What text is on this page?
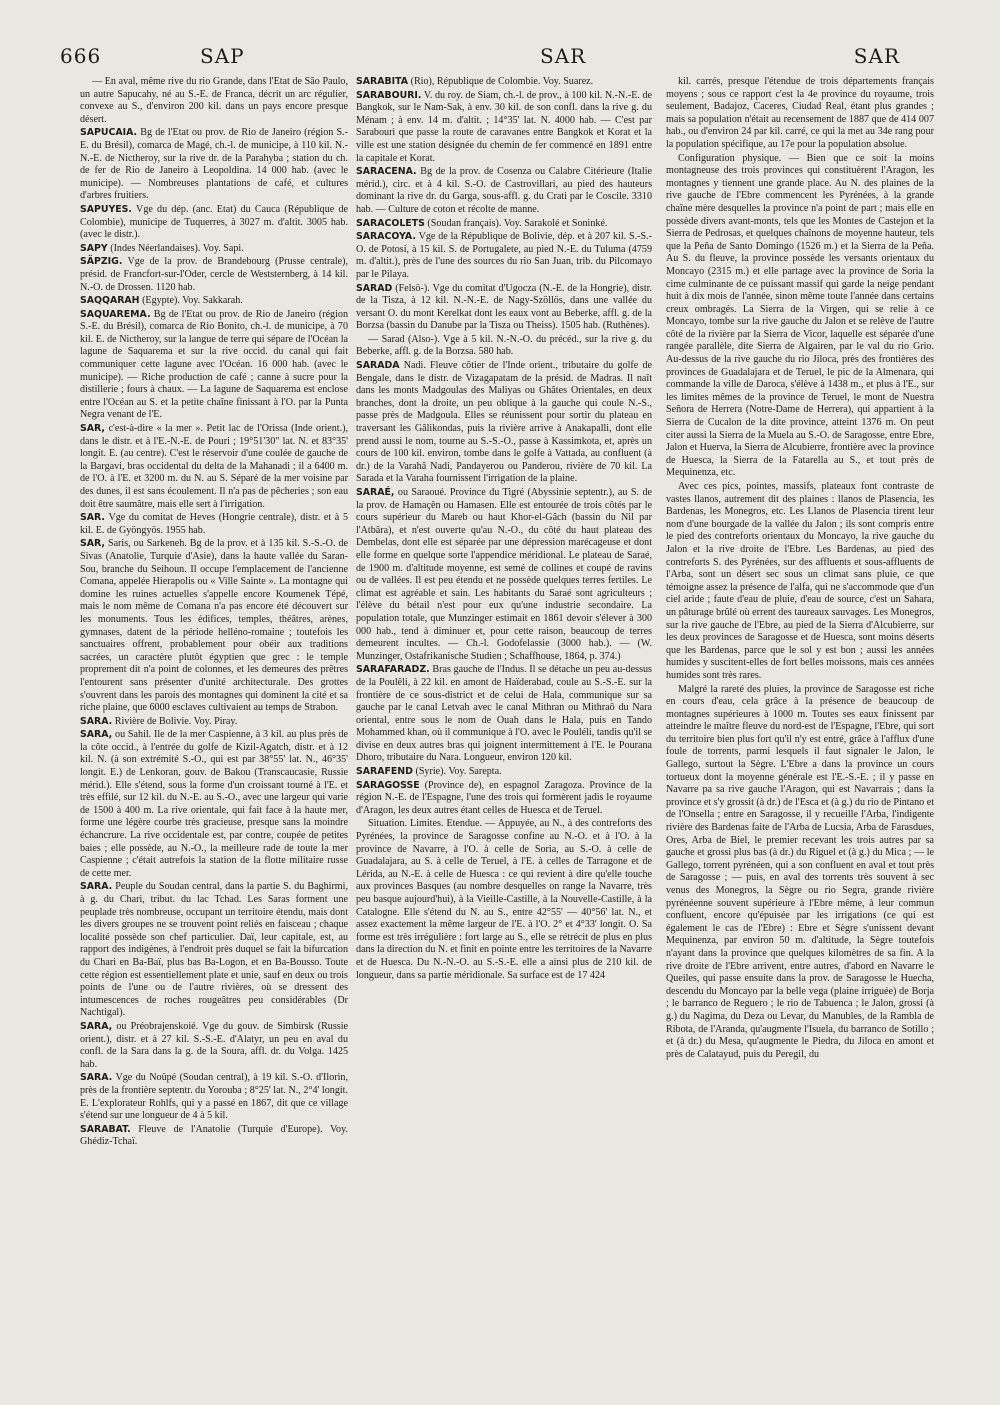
666	SAP	SAR	SAR

— En aval, même rive du rio Grande, dans l'Etat de São Paulo, un autre Sapucahy, né au S.-E. de Franca, décrit un arc régulier, convexe au S., d'environ 200 kil. dans un pays encore presque désert.

SAPUCAIA. Bg de l'Etat ou prov. de Rio de Janeiro (région S.-E. du Brésil), comarca de Magé, ch.-l. de municipe, à 110 kil. N.-N.-E. de Nictheroy, sur la rive dr. de la Parahyba ; station du ch. de fer de Rio de Janeiro à Leopoldina. 14 000 hab. (avec le municipe). — Nombreuses plantations de café, et cultures d'arbres fruitiers.

SAPUYES. Vge du dép. (anc. Etat) du Cauca (République de Colombie), municipe de Tuquerres, à 3027 m. d'altit. 3005 hab. (avec le distr.).

SAPY (Indes Néerlandaises). Voy. Sapi.

SÄPZIG. Vge de la prov. de Brandebourg (Prusse centrale), présid. de Francfort-sur-l'Oder, cercle de Weststernberg, à 14 kil. N.-O. de Drossen. 1120 hab.

SAQQARAH (Egypte). Voy. Sakkarah.

SAQUAREMA. Bg de l'Etat ou prov. de Rio de Janeiro (région S.-E. du Brésil), comarca de Rio Bonito, ch.-l. de municipe, à 70 kil. E. de Nictheroy, sur la langue de terre qui sépare de l'Océan la lagune de Saquarema et sur la rive occid. du canal qui fait communiquer cette lagune avec l'Océan. 16 000 hab. (avec le municipe). — Riche production de café ; canne à sucre pour la distillerie ; fours à chaux. — La lagune de Saquarema est enclose entre l'Océan au S. et la petite chaîne finissant à l'O. par la Punta Negra venant de l'E.

SAR, c'est-à-dire « la mer ». Petit lac de l'Orissa (Inde orient.), dans le distr. et à l'E.-N.-E. de Pouri ; 19°51'30" lat. N. et 83°35' longit. E. (au centre). C'est le réservoir d'une coulée de gauche de la Bargavi, bras occidental du delta de la Mahanadi ; il a 6400 m. de l'O. à l'E. et 3200 m. du N. au S. Séparé de la mer voisine par des dunes, il est sans écoulement. Il n'a pas de pêcheries ; son eau doit être saumâtre, mais elle sert à l'irrigation.

SAR. Vge du comitat de Heves (Hongrie centrale), distr. et à 5 kil. E. de Gyöngyös. 1955 hab.

SAR, Saris, ou Sarkeneh. Bg de la prov. et à 135 kil. S.-S.-O. de Sivas (Anatolie, Turquie d'Asie), dans la haute vallée du Saran-Sou, branche du Seihoun. Il occupe l'emplacement de l'ancienne Comana, appelée Hierapolis ou « Ville Sainte ». La montagne qui domine les ruines actuelles s'appelle encore Koumenek Tépé, mais le nom même de Comana n'a pas encore été découvert sur les monuments. Tous les édifices, temples, théâtres, arènes, gymnases, datent de la période helléno-romaine ; toutefois les sanctuaires offrent, probablement pour obéir aux traditions sacrées, un caractère plutôt égyptien que grec : le temple proprement dit n'a point de colonnes, et les demeures des prêtres l'entourent sans présenter d'unité architecturale. Des grottes s'ouvrent dans les parois des montagnes qui dominent la cité et sa riche plaine, que 6000 esclaves cultivaient au temps de Strabon.

SARA. Rivière de Bolivie. Voy. Piray.

SARA, ou Sahil. Ile de la mer Caspienne, à 3 kil. au plus près de la côte occid., à l'entrée du golfe de Kizil-Agatch, distr. et à 12 kil. N. (à son extrémité S.-O., qui est par 38°55' lat. N., 46°35' longit. E.) de Lenkoran, gouv. de Bakou (Transcaucasie, Russie mérid.). Elle s'étend, sous la forme d'un croissant tourné à l'E. et très effilé, sur 12 kil. du N.-E. au S.-O., avec une largeur qui varie de 1500 à 400 m. La rive orientale, qui fait face à la haute mer, forme une légère courbe très gracieuse, presque sans la moindre échancrure. La rive occidentale est, par contre, coupée de petites baies ; elle possède, au N.-O., la meilleure rade de toute la mer Caspienne ; c'était autrefois la station de la flotte militaire russe de cette mer.

SARA. Peuple du Soudan central, dans la partie S. du Baghirmi, à g. du Chari, tribut. du lac Tchad. Les Saras forment une peuplade très nombreuse, occupant un territoire étendu, mais dont les divers groupes ne se trouvent point reliés en faisceau ; chaque localité possède son chef particulier. Daï, leur capitale, est, au rapport des indigènes, à l'endroit près duquel se fait la bifurcation du Chari en Ba-Baï, plus bas Ba-Logon, et en Ba-Bousso. Toute cette région est essentiellement plate et unie, sauf en deux ou trois points de l'une ou de l'autre rivières, où se dressent des intumescences de roches rougeâtres peu considérables (Dr Nachtigal).

SARA, ou Préobrajenskoié. Vge du gouv. de Simbirsk (Russie orient.), distr. et à 27 kil. S.-S.-E. d'Alatyr, un peu en aval du confl. de la Sara dans la g. de la Soura, affl. dr. du Volga. 1425 hab.

SARA. Vge du Noûpé (Soudan central), à 19 kil. S.-O. d'Ilorin, près de la frontière septentr. du Yorouba ; 8°25' lat. N., 2°4' longit. E. L'explorateur Rohlfs, qui y a passé en 1867, dit que ce village s'étend sur une longueur de 4 à 5 kil.

SARABAT. Fleuve de l'Anatolie (Turquie d'Europe). Voy. Ghédiz-Tchaï.

SARABITA (Rio), République de Colombie. Voy. Suarez.

SARABOURI. V. du roy. de Siam, ch.-l. de prov., à 100 kil. N.-N.-E. de Bangkok, sur le Nam-Sak, à env. 30 kil. de son confl. dans la rive g. du Ménam ; à env. 14 m. d'altit. ; 14°35' lat. N. 4000 hab. — C'est par Sarabouri que passe la route de caravanes entre Bangkok et Korat et la ville est une station désignée du chemin de fer commencé en 1891 entre la capitale et Korat.

SARACENA. Bg de la prov. de Cosenza ou Calabre Citérieure (Italie mérid.), circ. et à 4 kil. S.-O. de Castrovillari, au pied des hauteurs dominant la rive dr. du Garga, sous-affl. g. du Crati par le Coscile. 3310 hab. — Culture de coton et récolte de manne.

SARACOLETS (Soudan français). Voy. Sarakolé et Soninké.

SARACOYA. Vge de la République de Bolivie, dép. et à 207 kil. S.-S.-O. de Potosi, à 15 kil. S. de Portugalete, au pied N.-E. du Tuluma (4759 m. d'altit.), près de l'une des sources du rio San Juan, trib. du Pilcomayo par le Pilaya.

SARAD (Felsö-). Vge du comitat d'Ugocza (N.-E. de la Hongrie), distr. de la Tisza, à 12 kil. N.-N.-E. de Nagy-Szöllös, dans une vallée du versant O. du mont Kerelkat dont les eaux vont au Beberke, affl. g. de la Borzsa (bassin du Danube par la Tisza ou Theiss). 1505 hab. (Ruthènes).

— Sarad (Also-). Vge à 5 kil. N.-N.-O. du précéd., sur la rive g. du Beberke, affl. g. de la Borzsa. 580 hab.

SARADA Nadi. Fleuve côtier de l'Inde orient., tributaire du golfe de Bengale, dans le distr. de Vizagapatam de la présid. de Madras. Il naît dans les monts Madgoulas des Maliyas ou Ghâtes Orientales, en deux branches, dont la droite, un peu oblique à la gauche qui coule N.-S., passe près de Madgoula. Elles se réunissent pour sortir du plateau en traversant les Gâlikondas, puis la rivière arrive à Anakapalli, dont elle prend aussi le nom, tourne au S.-S.-O., passe à Kassimkota, et, après un cours de 100 kil. environ, tombe dans le golfe à Vattada, au confluent (à dr.) de la Varahâ Nadi, Pandayerou ou Panderou, rivière de 70 kil. La Sarada et la Varaha fournissent l'irrigation de la plaine.

SARAÉ, ou Saraoué. Province du Tigré (Abyssinie septentr.), au S. de la prov. de Hamaçên ou Hamasen. Elle est entourée de trois côtés par le cours supérieur du Mareb ou haut Khor-el-Gâch (bassin du Nil par l'Atbâra), et n'est ouverte qu'au N.-O., du côté du haut plateau des Dembelas, dont elle est séparée par une dépression marécageuse et dont elle forme en quelque sorte l'appendice méridional. Le plateau de Saraé, de 1900 m. d'altitude moyenne, est semé de collines et coupé de ravins ou de vallées. Il est peu étendu et ne possède quelques terres fertiles. Le climat est agréable et sain. Les habitants du Saraé sont agriculteurs ; l'élève du bétail n'est pour eux qu'une industrie secondaire. La population totale, que Munzinger estimait en 1861 devoir s'élever à 300 000 hab., tend à diminuer et, pour cette raison, beaucoup de terres demeurent incultes. — Ch.-l. Godofelassie (3000 hab.). — (W. Munzinger, Ostafrikanische Studien ; Schaffhouse, 1864, p. 374.)

SARAFARADZ. Bras gauche de l'Indus. Il se détache un peu au-dessus de la Poulêli, à 22 kil. en amont de Haïderabad, coule au S.-S.-E. sur la frontière de ce sous-district et de celui de Hala, communique sur sa gauche par le canal Letvah avec le canal Mithran ou Mithraô du Nara oriental, entre sous le nom de Ouah dans le Hala, puis en Tando Mohammed khan, où il communique à l'O. avec le Pouléli, tandis qu'il se divise en deux autres bras qui joignent intermittement à l'E. le Pourana Dhoro, tributaire du Nara. Longueur, environ 120 kil.

SARAFEND (Syrie). Voy. Sarepta.

SARAGOSSE (Province de), en espagnol Zaragoza. Province de la région N.-E. de l'Espagne, l'une des trois qui formèrent jadis le royaume d'Aragon, les deux autres étant celles de Huesca et de Teruel.

Situation. Limites. Etendue. — Appuyée, au N., à des contreforts des Pyrénées, la province de Saragosse confine au N.-O. et à l'O. à la province de Navarre, à l'O. à celle de Soria, au S.-O. à celle de Guadalajara, au S. à celle de Teruel, à l'E. à celles de Tarragone et de Lérida, au N.-E. à celle de Huesca : ce qui revient à dire qu'elle touche aux provinces Basques (au nombre desquelles on range la Navarre, très peu basque aujourd'hui), à la Vieille-Castille, à la Nouvelle-Castille, à la Catalogne. Elle s'étend du N. au S., entre 42°55' — 40°56' lat. N., et assez exactement la même largeur de l'E. à l'O. 2° et 4°33' longit. O. Sa forme est très irrégulière : fort large au S., elle se rétrécit de plus en plus dans la direction du N. et finit en pointe entre les territoires de la Navarre et de Huesca. Du N.-N.-O. au S.-S.-E. elle a ainsi plus de 210 kil. de longueur, dans sa partie méridionale. Sa surface est de 17 424

kil. carrés, presque l'étendue de trois départements français moyens ; sous ce rapport c'est la 4e province du royaume, trois seulement, Badajoz, Caceres, Ciudad Real, étant plus grandes ; mais sa population n'était au recensement de 1887 que de 414 007 hab., ou d'environ 24 par kil. carré, ce qui la met au 34e rang pour la population spécifique, au 17e pour la population absolue.

Configuration physique. — Bien que ce soit la moins montagneuse des trois provinces qui constituèrent l'Aragon, les montagnes y tiennent une grande place. Au N. des plaines de la rive gauche de l'Ebre commencent les Pyrénées, à la grande chaîne mère desquelles la province n'a point de part ; mais elle en possède divers avant-monts, tels que les Montes de Castejon et la Sierra de Pedrosas, et quelques chaînons de moyenne hauteur, tels que la Peña de Santo Domingo (1526 m.) et la Sierra de la Peña. Au S. du fleuve, la province possède les versants orientaux du Moncayo (2315 m.) et elle partage avec la province de Soria la cime culminante de ce puissant massif qui garde la neige pendant huit à dix mois de l'année, sinon même toute l'année dans certains creux ombragés. La Sierra de la Virgen, qui se relie à ce Moncayo, tombe sur la rive gauche du Jalon et se relève de l'autre côté de la rivière par la Sierra de Vicor, laquelle est séparée d'une rangée parallèle, dite Sierra de Algairen, par le val du rio Grio. Au-dessus de la rive gauche du rio Jiloca, près des frontières des provinces de Guadalajara et de Teruel, le pic de la Almenara, qui commande la ville de Daroca, s'élève à 1438 m., et plus à l'E., sur les limites mêmes de la province de Teruel, le mont de Nuestra Señora de Herrera (Notre-Dame de Herrera), qui appartient à la Sierra de Cucalon de la dite province, atteint 1376 m. On peut citer aussi la Sierra de la Muela au S.-O. de Saragosse, entre Ebre, Jalon et Huerva, la Sierra de Alcubierre, frontière avec la province de Huesca, la Sierra de la Fatarella au S., et tout près de Mequinenza, etc.

Avec ces pics, pointes, massifs, plateaux font contraste de vastes llanos, autrement dit des plaines : llanos de Plasencia, les Bardenas, les Monegros, etc. Les Llanos de Plasencia tirent leur nom d'une bourgade de la vallée du Jalon ; ils sont compris entre le pied des contreforts orientaux du Moncayo, la rive gauche du Jalon et la rive droite de l'Ebre. Les Bardenas, au pied des contreforts S. des Pyrénées, sur des affluents et sous-affluents de l'Arba, sont un désert sec sous un climat sans pluie, ce que témoigne assez la présence de l'alfa, qui ne s'accommode que d'un ciel aride ; faute d'eau de pluie, d'eau de source, c'est un Sahara, un pâturage brûlé où errent des taureaux sauvages. Les Monegros, sur la rive gauche de l'Ebre, au pied de la Sierra d'Alcubierre, sur les deux provinces de Saragosse et de Huesca, sont moins déserts que les Bardenas, parce que le sol y est bon ; aussi les années humides y suscitent-elles de fort belles moissons, mais ces années humides sont très rares.

Malgré la rareté des pluies, la province de Saragosse est riche en cours d'eau, cela grâce à la présence de beaucoup de montagnes supérieures à 1000 m. Toutes ses eaux finissent par atteindre le maître fleuve du nord-est de l'Espagne, l'Ebre, qui sort du territoire bien plus fort qu'il n'y est entré, grâce à l'afflux d'une foule de torrents, parmi lesquels il faut signaler le Jalon, le Gallego, surtout la Sègre. L'Ebre a dans la province un cours tortueux dont la moyenne générale est l'E.-S.-E. ; il y passe en Navarre pa sa rive gauche l'Aragon, qui est Navarrais ; dans la province et s'y grossit (à dr.) de l'Esca et (à g.) du rio de Pintano et de l'Onsella ; entre en Saragosse, il y recueille l'Arba, l'indigente rivière des Bardenas faite de l'Arba de Lucsia, Arba de Farasdues, Ores, Arba de Biel, le premier recevant les trois autres par sa gauche et grossi plus bas (à dr.) du Riguel et (à g.) du Mica ; — le Gallego, torrent pyrénéen, qui a son confluent en aval et tout près de Saragosse ; — puis, en aval des torrents très souvent à sec venus des Monegros, la Sègre ou rio Segra, grande rivière pyrénéenne souvent supérieure à l'Ebre même, à leur commun confluent, encore qu'épuisée par les irrigations (ce qui est également le cas de l'Ebre) : Ebre et Sègre s'unissent devant Mequinenza, par environ 50 m. d'altitude, la Sègre toutefois n'ayant dans la province que quelques kilomètres de sa fin. A la rive droite de l'Ebre arrivent, entre autres, d'abord en Navarre le Queiles, qui passe ensuite dans la prov. de Saragosse le Huecha, descendu du Moncayo par la belle vega (plaine irriguée) de Borja ; le barranco de Reguero ; le rio de Tabuenca ; le Jalon, grossi (à g.) du Nagima, du Deza ou Levar, du Manubles, de la Rambla de Ribota, de l'Aranda, qu'augmente l'Isuela, du barranco de Sotillo ; et (à dr.) du Mesa, qu'augmente le Piedra, du Jiloca en amont et près de Calatayud, puis du Peregil, du
